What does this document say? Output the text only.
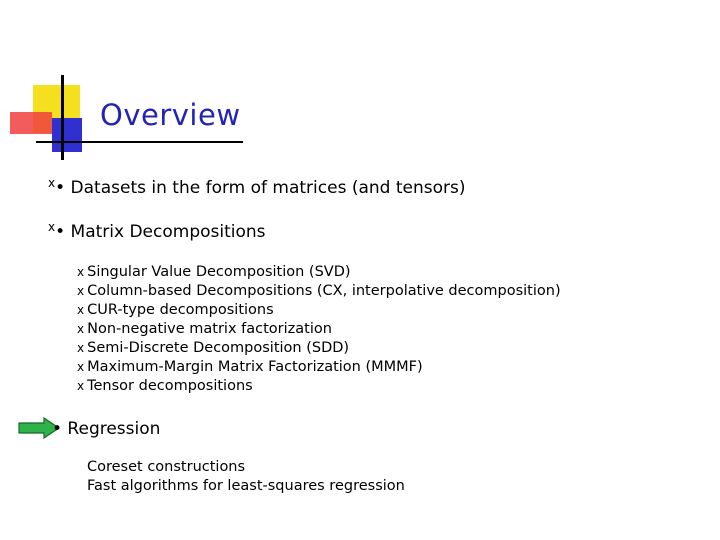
Overview
x• Datasets in the form of matrices (and tensors)
x• Matrix Decompositions
x Singular Value Decomposition (SVD)
x Column-based Decompositions (CX, interpolative decomposition)
x CUR-type decompositions
x Non-negative matrix factorization
x Semi-Discrete Decomposition (SDD)
x Maximum-Margin Matrix Factorization (MMMF)
x Tensor decompositions
• Regression
Coreset constructions
Fast algorithms for least-squares regression
